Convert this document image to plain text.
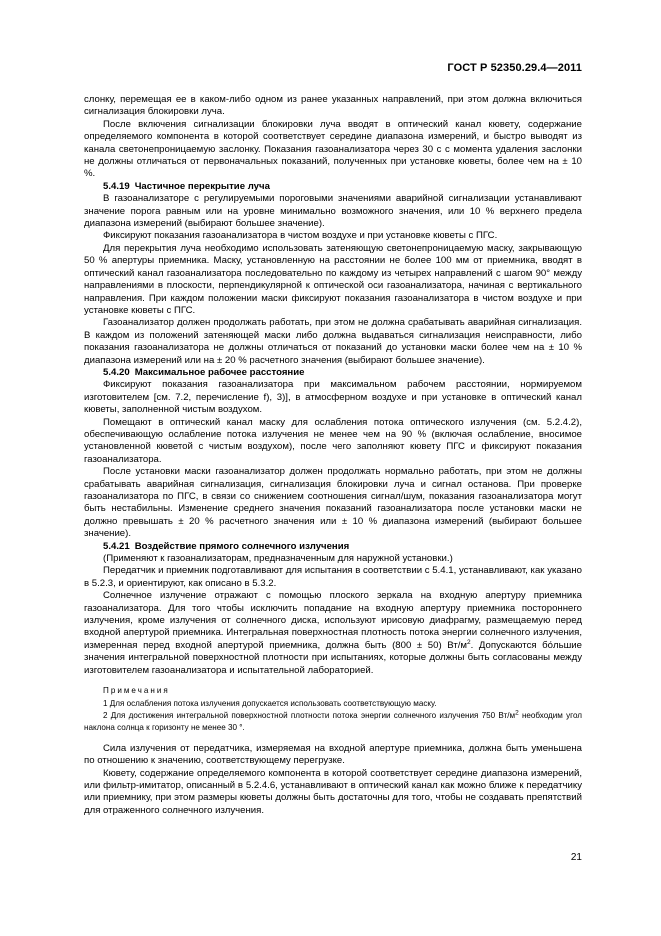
ГОСТ Р 52350.29.4—2011

слонку, перемещая ее в каком-либо одном из ранее указанных направлений, при этом должна включиться сигнализация блокировки луча.

После включения сигнализации блокировки луча вводят в оптический канал кювету, содержание определяемого компонента в которой соответствует середине диапазона измерений, и быстро выводят из канала светонепроницаемую заслонку. Показания газоанализатора через 30 с с момента удаления заслонки не должны отличаться от первоначальных показаний, полученных при установке кюветы, более чем на ± 10 %.

5.4.19 Частичное перекрытие луча

В газоанализаторе с регулируемыми пороговыми значениями аварийной сигнализации устанавливают значение порога равным или на уровне минимально возможного значения, или 10 % верхнего предела диапазона измерений (выбирают большее значение).

Фиксируют показания газоанализатора в чистом воздухе и при установке кюветы с ПГС.

Для перекрытия луча необходимо использовать затеняющую светонепроницаемую маску, закрывающую 50 % апертуры приемника. Маску, установленную на расстоянии не более 100 мм от приемника, вводят в оптический канал газоанализатора последовательно по каждому из четырех направлений с шагом 90° между направлениями в плоскости, перпендикулярной к оптической оси газоанализатора, начиная с вертикального направления. При каждом положении маски фиксируют показания газоанализатора в чистом воздухе и при установке кюветы с ПГС.

Газоанализатор должен продолжать работать, при этом не должна срабатывать аварийная сигнализация. В каждом из положений затеняющей маски либо должна выдаваться сигнализация неисправности, либо показания газоанализатора не должны отличаться от показаний до установки маски более чем на ± 10 % диапазона измерений или на ± 20 % расчетного значения (выбирают большее значение).

5.4.20 Максимальное рабочее расстояние

Фиксируют показания газоанализатора при максимальном рабочем расстоянии, нормируемом изготовителем [см. 7.2, перечисление f), 3)], в атмосферном воздухе и при установке в оптический канал кюветы, заполненной чистым воздухом.

Помещают в оптический канал маску для ослабления потока оптического излучения (см. 5.2.4.2), обеспечивающую ослабление потока излучения не менее чем на 90 % (включая ослабление, вносимое установленной кюветой с чистым воздухом), после чего заполняют кювету ПГС и фиксируют показания газоанализатора.

После установки маски газоанализатор должен продолжать нормально работать, при этом не должны срабатывать аварийная сигнализация, сигнализация блокировки луча и сигнал останова. При проверке газоанализатора по ПГС, в связи со снижением соотношения сигнал/шум, показания газоанализатора могут быть нестабильны. Изменение среднего значения показаний газоанализатора после установки маски не должно превышать ± 20 % расчетного значения или ± 10 % диапазона измерений (выбирают большее значение).

5.4.21 Воздействие прямого солнечного излучения

(Применяют к газоанализаторам, предназначенным для наружной установки.)

Передатчик и приемник подготавливают для испытания в соответствии с 5.4.1, устанавливают, как указано в 5.2.3, и ориентируют, как описано в 5.3.2.

Солнечное излучение отражают с помощью плоского зеркала на входную апертуру приемника газоанализатора. Для того чтобы исключить попадание на входную апертуру приемника постороннего излучения, кроме излучения от солнечного диска, используют ирисовую диафрагму, размещаемую перед входной апертурой приемника. Интегральная поверхностная плотность потока энергии солнечного излучения, измеренная перед входной апертурой приемника, должна быть (800 ± 50) $Вт/м^2$. Допускаются бо́льшие значения интегральной поверхностной плотности при испытаниях, которые должны быть согласованы между изготовителем газоанализатора и испытательной лабораторией.

Примечания

1 Для ослабления потока излучения допускается использовать соответствующую маску.

2 Для достижения интегральной поверхностной плотности потока энергии солнечного излучения 750 $Вт/м^2$ необходим угол наклона солнца к горизонту не менее 30 °.

Сила излучения от передатчика, измеряемая на входной апертуре приемника, должна быть уменьшена по отношению к значению, соответствующему перегрузке.

Кювету, содержание определяемого компонента в которой соответствует середине диапазона измерений, или фильтр-имитатор, описанный в 5.2.4.6, устанавливают в оптический канал как можно ближе к передатчику или приемнику, при этом размеры кюветы должны быть достаточны для того, чтобы не создавать препятствий для отраженного солнечного излучения.

21
